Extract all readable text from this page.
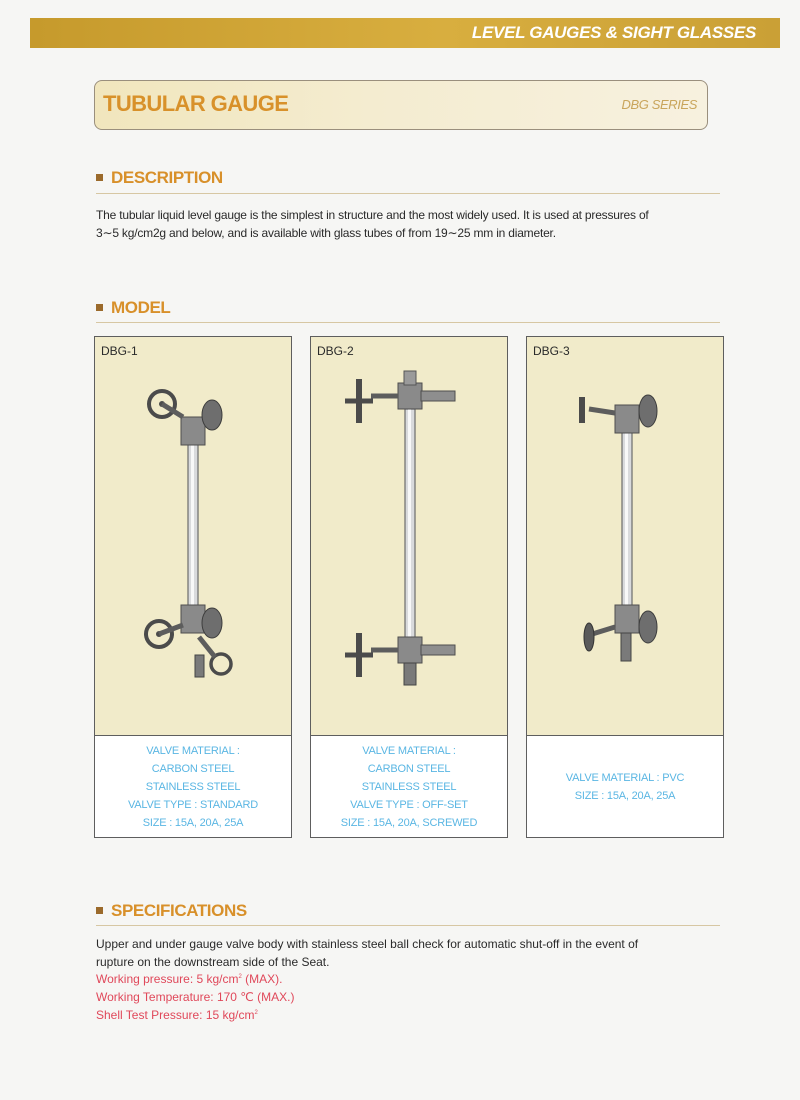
LEVEL GAUGES & SIGHT GLASSES
TUBULAR GAUGE	DBG SERIES
DESCRIPTION
The tubular liquid level gauge is the simplest in structure and the most widely used. It is used at pressures of
3∼5 kg/cm2g and below, and is available with glass tubes of from 19∼25 mm in diameter.
MODEL
DBG-1
VALVE MATERIAL :
CARBON STEEL
STAINLESS STEEL
VALVE TYPE : STANDARD
SIZE : 15A, 20A, 25A
DBG-2
VALVE MATERIAL :
CARBON STEEL
STAINLESS STEEL
VALVE TYPE : OFF-SET
SIZE : 15A, 20A, SCREWED
DBG-3
VALVE MATERIAL : PVC
SIZE : 15A, 20A, 25A
SPECIFICATIONS
Upper and under gauge valve body with stainless steel ball check for automatic shut-off in the event of
rupture on the downstream side of the Seat.
Working pressure: 5 $kg/cm^2$ (MAX).
Working Temperature: 170 ℃ (MAX.)
Shell Test Pressure: 15 $kg/cm^2$
